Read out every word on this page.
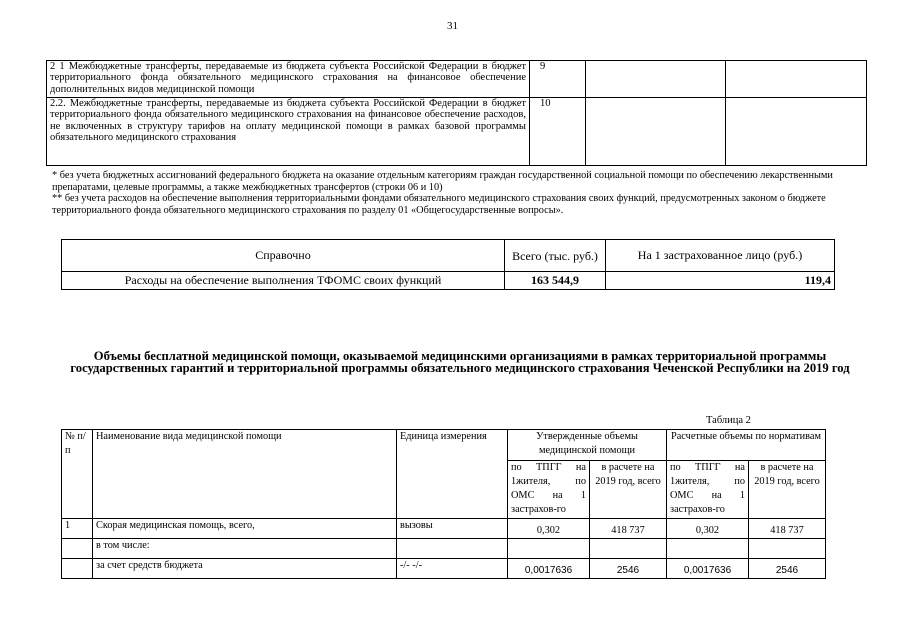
31
2 1 Межбюджетные трансферты, передаваемые из бюджета субъекта Российской Федерации в бюджет территориального фонда обязательного медицинского страхования на финансовое обеспечение дополнительных видов медицинской помощи	9		
2.2. Межбюджетные трансферты, передаваемые из бюджета субъекта Российской Федерации в бюджет территориального фонда обязательного медицинского страхования на финансовое обеспечение расходов, не включенных в структуру тарифов на оплату медицинской помощи в рамках базовой программы обязательного медицинского страхования	10		
* без учета бюджетных ассигнований федерального бюджета на оказание отдельным категориям граждан государственной социальной помощи по обеспечению лекарственными препаратами, целевые программы, а также межбюджетных трансфертов (строки 06 и 10)
** без учета расходов на обеспечение выполнения территориальными фондами обязательного медицинского страхования своих функций, предусмотренных законом о бюджете территориального фонда обязательного медицинского страхования по разделу 01 «Общегосударственные вопросы».
Справочно	Всего (тыс. руб.)	На 1 застрахованное лицо (руб.)
Расходы на обеспечение выполнения ТФОМС своих функций	163 544,9	119,4
Объемы бесплатной медицинской помощи, оказываемой медицинскими организациями в рамках территориальной программы государственных гарантий и территориальной программы обязательного медицинского страхования Чеченской Республики на 2019 год
Таблица 2
№ п/п	Наименование вида медицинской помощи	Единица измерения	Утвержденные объемы медицинской помощи		Расчетные объемы по нормативам	
			по ТПГГ на 1жителя, по ОМС на 1 застрахов-го	в расчете на 2019 год, всего	по ТПГГ на 1жителя, по ОМС на 1 застрахов-го	в расчете на 2019 год, всего
1	Скорая медицинская помощь, всего,	вызовы	0,302	418 737	0,302	418 737
	в том числе:					
	за счет средств бюджета	-/- -/-	0,0017636	2546	0,0017636	2546
